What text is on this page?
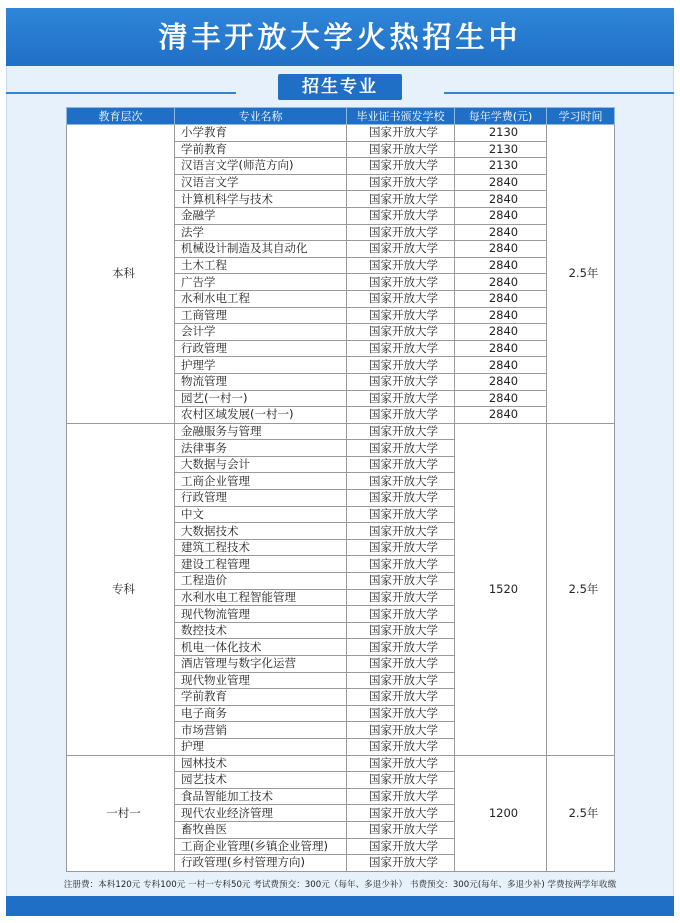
清丰开放大学火热招生中
招生专业
教育层次	专业名称	毕业证书颁发学校	每年学费(元)	学习时间
本科	小学教育	国家开放大学	2130	2.5年
	学前教育	国家开放大学	2130	
	汉语言文学(师范方向)	国家开放大学	2130	
	汉语言文学	国家开放大学	2840	
	计算机科学与技术	国家开放大学	2840	
	金融学	国家开放大学	2840	
	法学	国家开放大学	2840	
	机械设计制造及其自动化	国家开放大学	2840	
	土木工程	国家开放大学	2840	
	广告学	国家开放大学	2840	
	水利水电工程	国家开放大学	2840	
	工商管理	国家开放大学	2840	
	会计学	国家开放大学	2840	
	行政管理	国家开放大学	2840	
	护理学	国家开放大学	2840	
	物流管理	国家开放大学	2840	
	园艺(一村一)	国家开放大学	2840	
	农村区域发展(一村一)	国家开放大学	2840	
专科	金融服务与管理	国家开放大学	1520	2.5年
	法律事务	国家开放大学		
	大数据与会计	国家开放大学		
	工商企业管理	国家开放大学		
	行政管理	国家开放大学		
	中文	国家开放大学		
	大数据技术	国家开放大学		
	建筑工程技术	国家开放大学		
	建设工程管理	国家开放大学		
	工程造价	国家开放大学		
	水利水电工程智能管理	国家开放大学		
	现代物流管理	国家开放大学		
	数控技术	国家开放大学		
	机电一体化技术	国家开放大学		
	酒店管理与数字化运营	国家开放大学		
	现代物业管理	国家开放大学		
	学前教育	国家开放大学		
	电子商务	国家开放大学		
	市场营销	国家开放大学		
	护理	国家开放大学		
一村一	园林技术	国家开放大学	1200	2.5年
	园艺技术	国家开放大学		
	食品智能加工技术	国家开放大学		
	现代农业经济管理	国家开放大学		
	畜牧兽医	国家开放大学		
	工商企业管理(乡镇企业管理)	国家开放大学		
	行政管理(乡村管理方向)	国家开放大学		
注册费：本科120元 专科100元 一村一专科50元 考试费预交：300元（每年、多退少补） 书费预交：300元(每年、多退少补) 学费按两学年收缴
